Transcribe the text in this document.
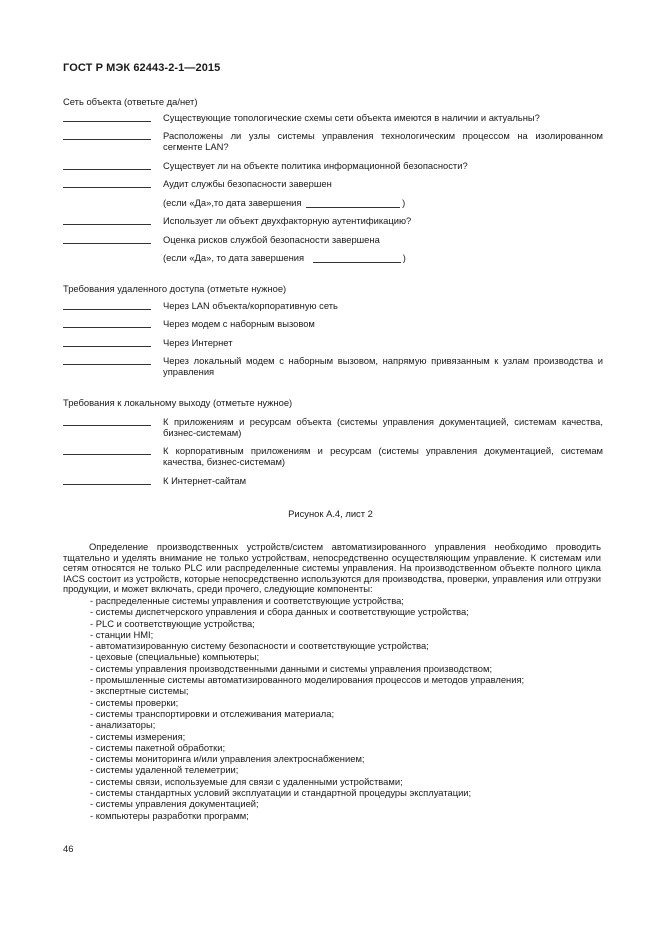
ГОСТ Р МЭК 62443-2-1—2015
Сеть объекта (ответьте да/нет)
Существующие топологические схемы сети объекта имеются в наличии и актуальны?
Расположены ли узлы системы управления технологическим процессом на изолированном сегменте LAN?
Существует ли на объекте политика информационной безопасности?
Аудит службы безопасности завершен
(если «Да»,то дата завершения	)
Использует ли объект двухфакторную аутентификацию?
Оценка рисков службой безопасности завершена
(если «Да», то дата завершения	)
Требования удаленного доступа (отметьте нужное)
Через LAN объекта/корпоративную сеть
Через модем с наборным вызовом
Через Интернет
Через локальный модем с наборным вызовом, напрямую привязанным к узлам производства и управления
Требования к локальному выходу (отметьте нужное)
К приложениям и ресурсам объекта (системы управления документацией, системам качества, бизнес-системам)
К корпоративным приложениям и ресурсам (системы управления документацией, системам качества, бизнес-системам)
К Интернет-сайтам
Рисунок А.4, лист 2
Определение производственных устройств/систем автоматизированного управления необходимо проводить тщательно и уделять внимание не только устройствам, непосредственно осуществляющим управление. К системам или сетям относятся не только PLC или распределенные системы управления. На производственном объекте полного цикла IACS состоит из устройств, которые непосредственно используются для производства, проверки, управления или отгрузки продукции, и может включать, среди прочего, следующие компоненты:
- распределенные системы управления и соответствующие устройства;
- системы диспетчерского управления и сбора данных и соответствующие устройства;
- PLC и соответствующие устройства;
- станции HMI;
- автоматизированную систему безопасности и соответствующие устройства;
- цеховые (специальные) компьютеры;
- системы управления производственными данными и системы управления производством;
- промышленные системы автоматизированного моделирования процессов и методов управления;
- экспертные системы;
- системы проверки;
- системы транспортировки и отслеживания материала;
- анализаторы;
- системы измерения;
- системы пакетной обработки;
- системы мониторинга и/или управления электроснабжением;
- системы удаленной телеметрии;
- системы связи, используемые для связи с удаленными устройствами;
- системы стандартных условий эксплуатации и стандартной процедуры эксплуатации;
- системы управления документацией;
- компьютеры разработки программ;
46
